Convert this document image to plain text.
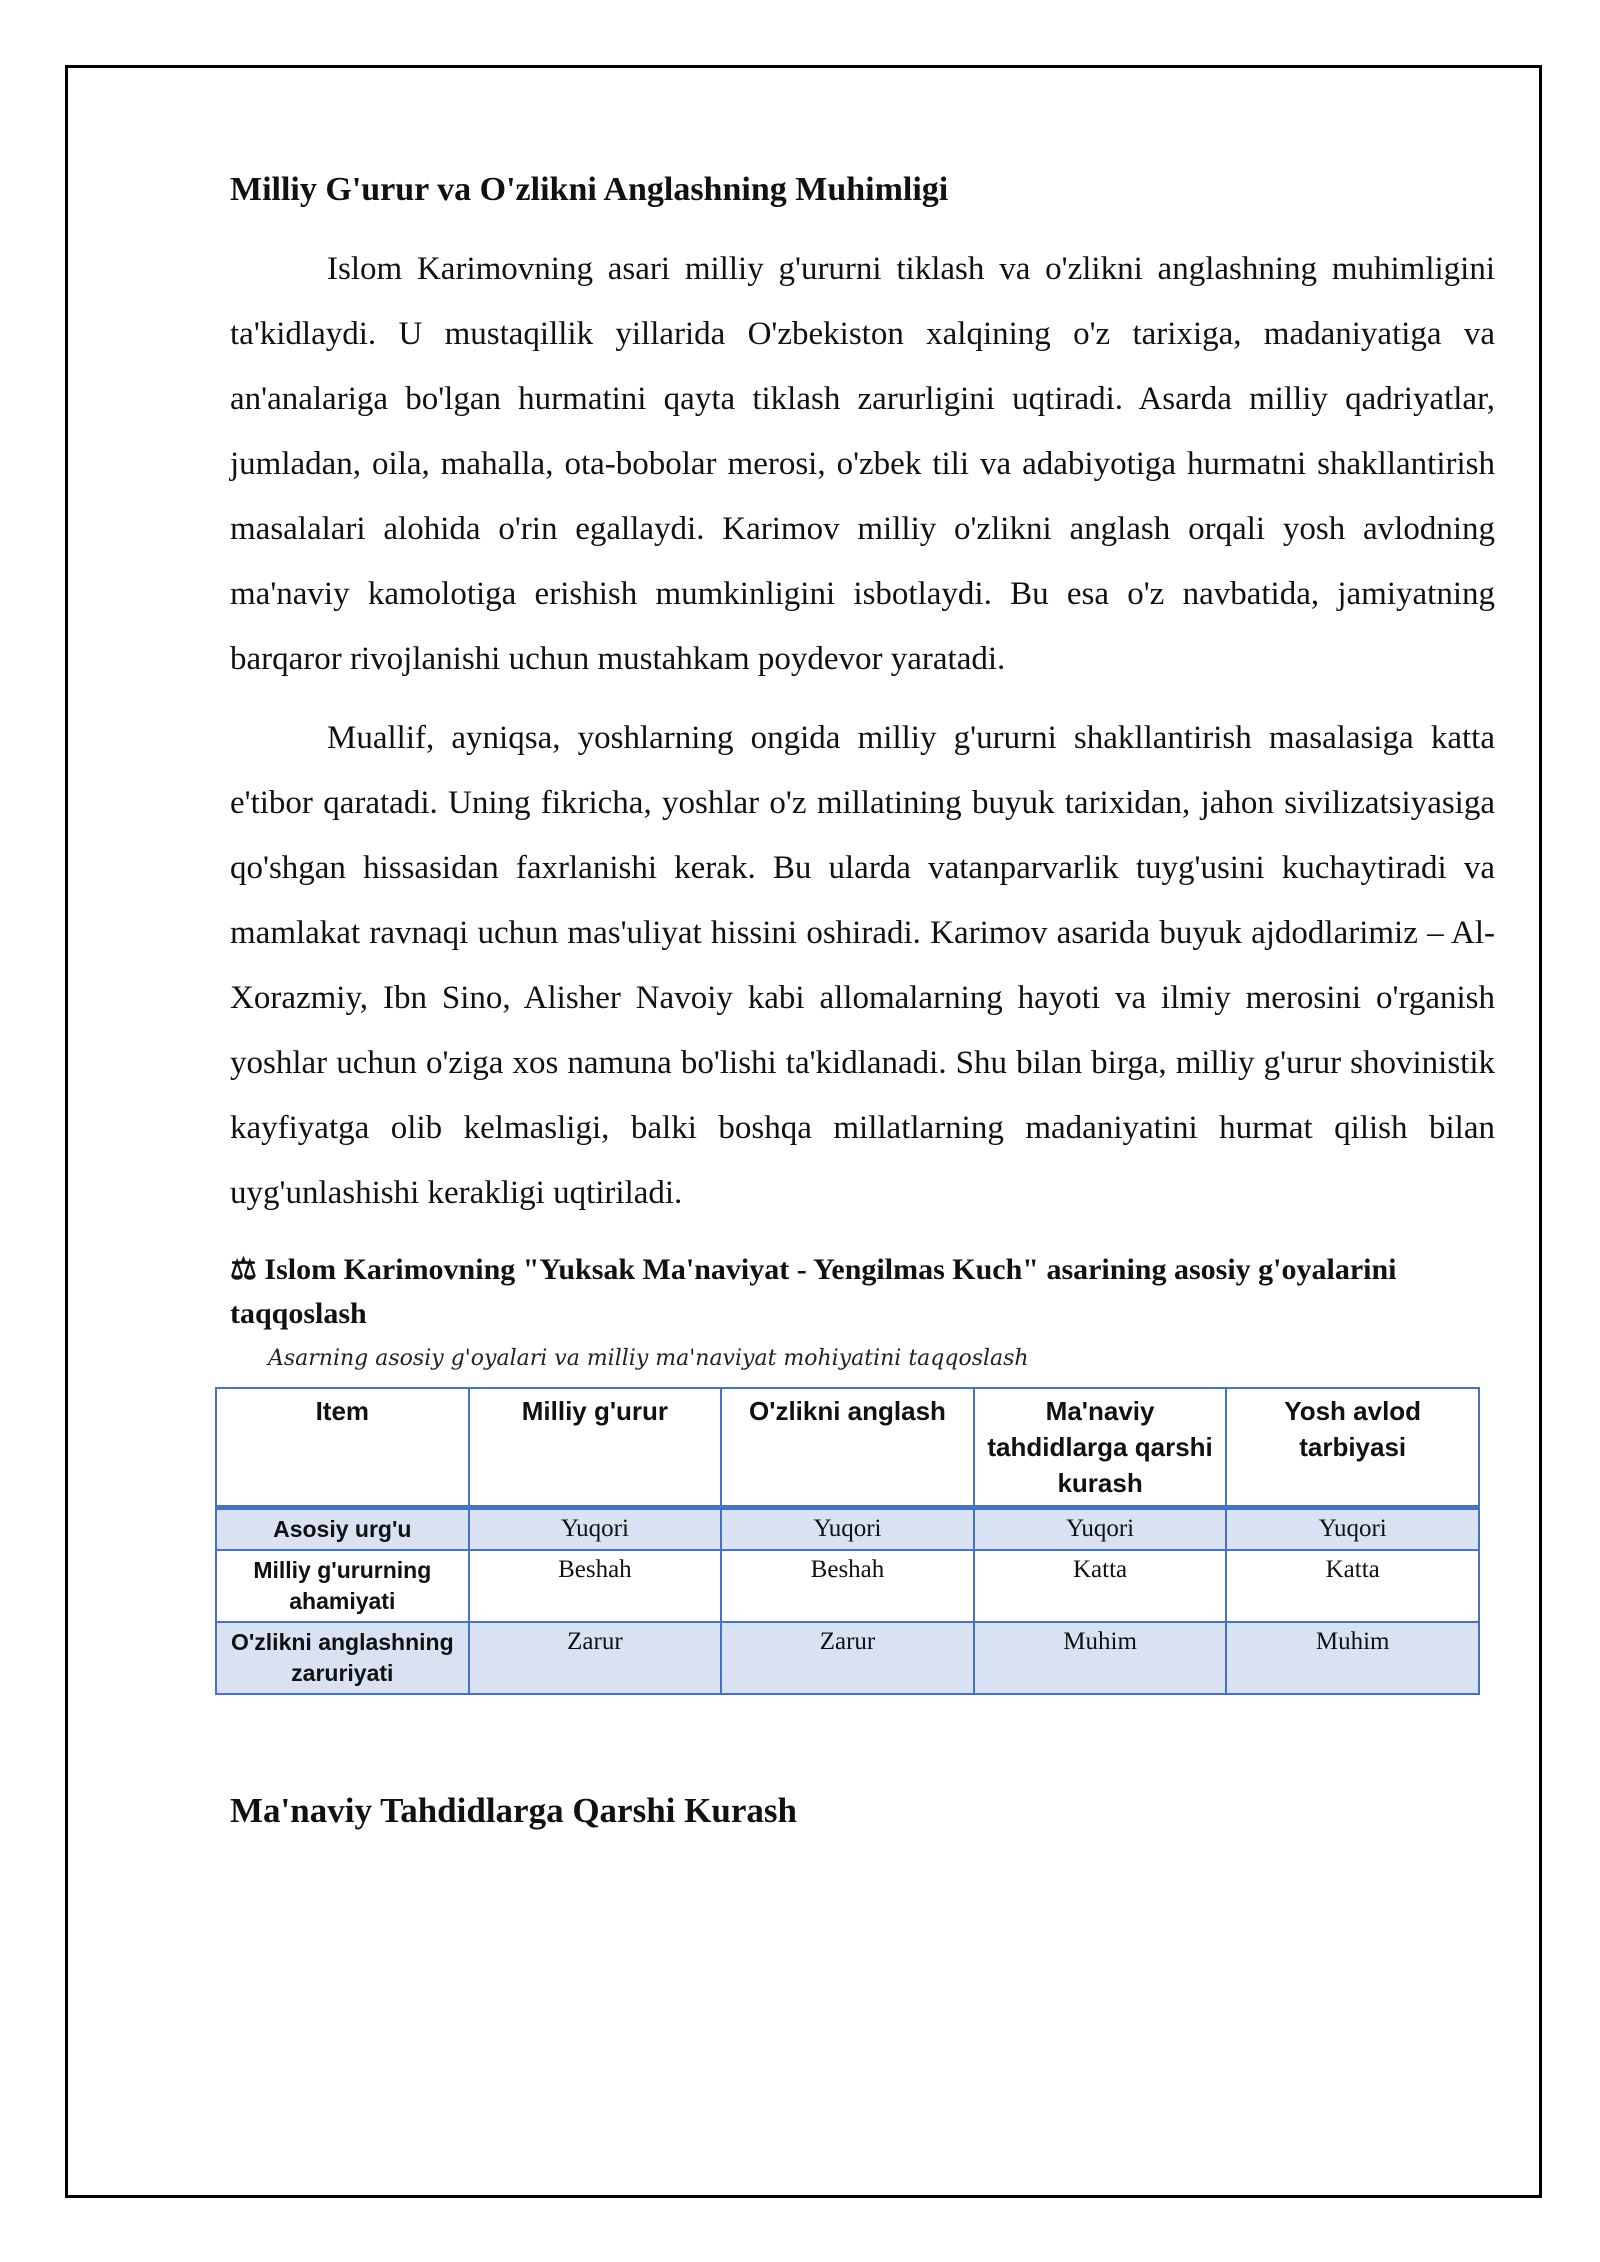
Milliy G'urur va O'zlikni Anglashning Muhimligi

Islom Karimovning asari milliy g'ururni tiklash va o'zlikni anglashning muhimligini ta'kidlaydi. U mustaqillik yillarida O'zbekiston xalqining o'z tarixiga, madaniyatiga va an'analariga bo'lgan hurmatini qayta tiklash zarurligini uqtiradi. Asarda milliy qadriyatlar, jumladan, oila, mahalla, ota-bobolar merosi, o'zbek tili va adabiyotiga hurmatni shakllantirish masalalari alohida o'rin egallaydi. Karimov milliy o'zlikni anglash orqali yosh avlodning ma'naviy kamolotiga erishish mumkinligini isbotlaydi. Bu esa o'z navbatida, jamiyatning barqaror rivojlanishi uchun mustahkam poydevor yaratadi.

Muallif, ayniqsa, yoshlarning ongida milliy g'ururni shakllantirish masalasiga katta e'tibor qaratadi. Uning fikricha, yoshlar o'z millatining buyuk tarixidan, jahon sivilizatsiyasiga qo'shgan hissasidan faxrlanishi kerak. Bu ularda vatanparvarlik tuyg'usini kuchaytiradi va mamlakat ravnaqi uchun mas'uliyat hissini oshiradi. Karimov asarida buyuk ajdodlarimiz – Al-Xorazmiy, Ibn Sino, Alisher Navoiy kabi allomalarning hayoti va ilmiy merosini o'rganish yoshlar uchun o'ziga xos namuna bo'lishi ta'kidlanadi. Shu bilan birga, milliy g'urur shovinistik kayfiyatga olib kelmasligi, balki boshqa millatlarning madaniyatini hurmat qilish bilan uyg'unlashishi kerakligi uqtiriladi.

⚖ Islom Karimovning "Yuksak Ma'naviyat - Yengilmas Kuch" asarining asosiy g'oyalarini taqqoslash
Asarning asosiy g'oyalari va milliy ma'naviyat mohiyatini taqqoslash
Item	Milliy g'urur	O'zlikni anglash	Ma'naviy tahdidlarga qarshi kurash	Yosh avlod tarbiyasi
Asosiy urg'u	Yuqori	Yuqori	Yuqori	Yuqori
Milliy g'ururning ahamiyati	Beshah	Beshah	Katta	Katta
O'zlikni anglashning zaruriyati	Zarur	Zarur	Muhim	Muhim
Ma'naviy Tahdidlarga Qarshi Kurash
